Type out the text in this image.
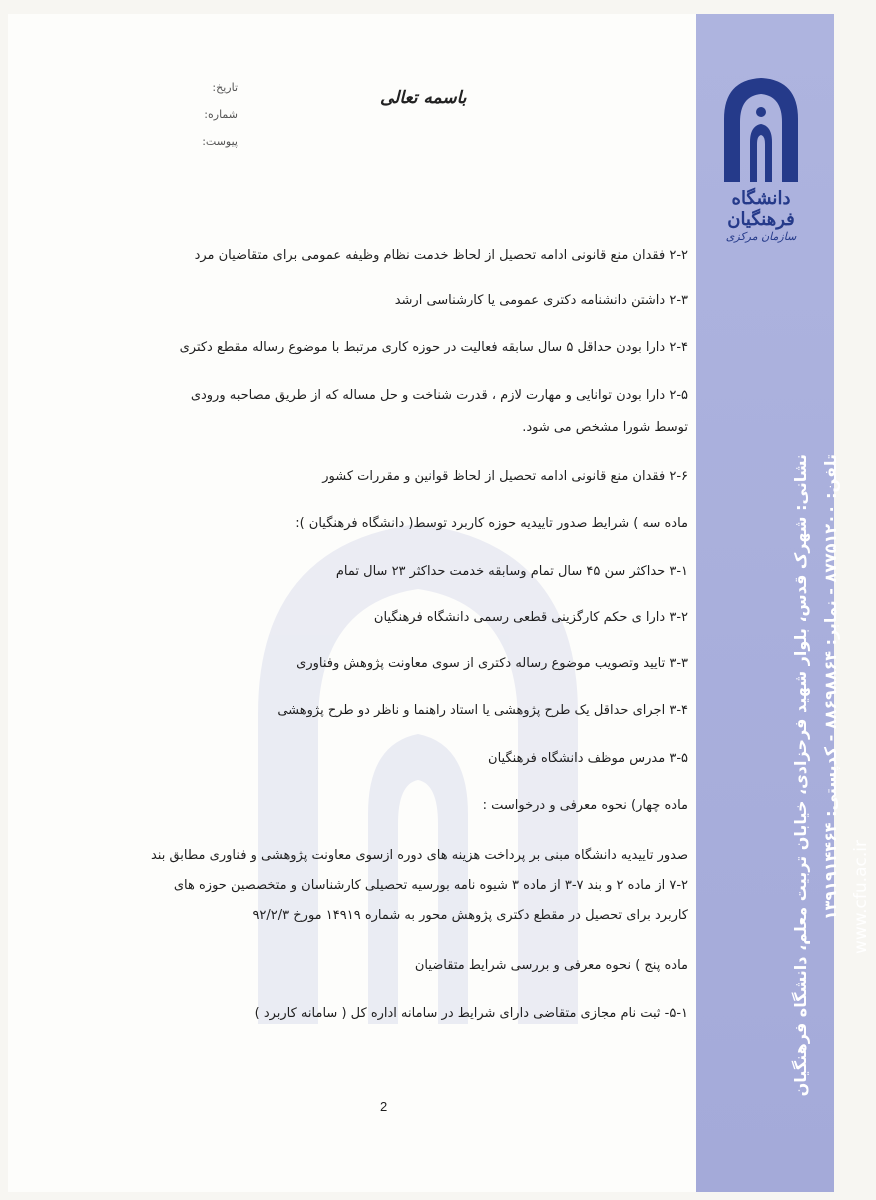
دانشگاه فرهنگیان
سازمان مرکزی
نشانی: شهرک قدس، بلوار شهید فرحزادی، خیابان تربیت معلم، دانشگاه فرهنگیان تلفن: ۸۷۷۵۱۲۰۰ - نمابر: ۸۸۶۹۸۸۶۴ - کدپستی: ۱۳۹۱۹۱۴۴۶۴
www.cfu.ac.ir
باسمه تعالی
تاریخ:
شماره:
پیوست:
۲-۲ فقدان منع قانونی ادامه تحصیل از لحاظ خدمت نظام وظیفه عمومی برای متقاضیان مرد
۲-۳ داشتن دانشنامه دکتری عمومی یا کارشناسی ارشد
۲-۴ دارا بودن حداقل ۵ سال سابقه فعالیت در حوزه کاری مرتبط با موضوع رساله مقطع دکتری
۲-۵ دارا بودن توانایی و مهارت لازم ، قدرت شناخت و حل مساله که از طریق مصاحبه ورودی
توسط شورا مشخص می شود.
۲-۶ فقدان منع قانونی ادامه تحصیل از لحاظ قوانین و مقررات کشور
ماده سه ) شرایط صدور تاییدیه حوزه کاربرد توسط( دانشگاه فرهنگیان ):
۳-۱ حداکثر سن ۴۵ سال تمام وسابقه خدمت حداکثر ۲۳ سال تمام
۳-۲ دارا ی حکم کارگزینی قطعی رسمی دانشگاه فرهنگیان
۳-۳ تایید وتصویب موضوع رساله دکتری از سوی معاونت پژوهش وفناوری
۳-۴ اجرای حداقل یک طرح پژوهشی یا استاد راهنما و ناظر دو طرح پژوهشی
۳-۵ مدرس موظف دانشگاه فرهنگیان
ماده چهار) نحوه معرفی و درخواست :
صدور تاییدیه دانشگاه مبنی بر پرداخت هزینه های دوره ازسوی معاونت پژوهشی و فناوری مطابق بند
۷-۲ از ماده ۲ و بند ۷-۳ از ماده ۳ شیوه نامه بورسیه تحصیلی کارشناسان و متخصصین حوزه های
کاربرد برای تحصیل در مقطع دکتری پژوهش محور به شماره ۱۴۹۱۹ مورخ ۹۲/۲/۳
ماده پنج ) نحوه معرفی و بررسی شرایط متقاضیان
۵-۱- ثبت نام مجازی متقاضی دارای شرایط در سامانه اداره کل ( سامانه کاربرد )
2
